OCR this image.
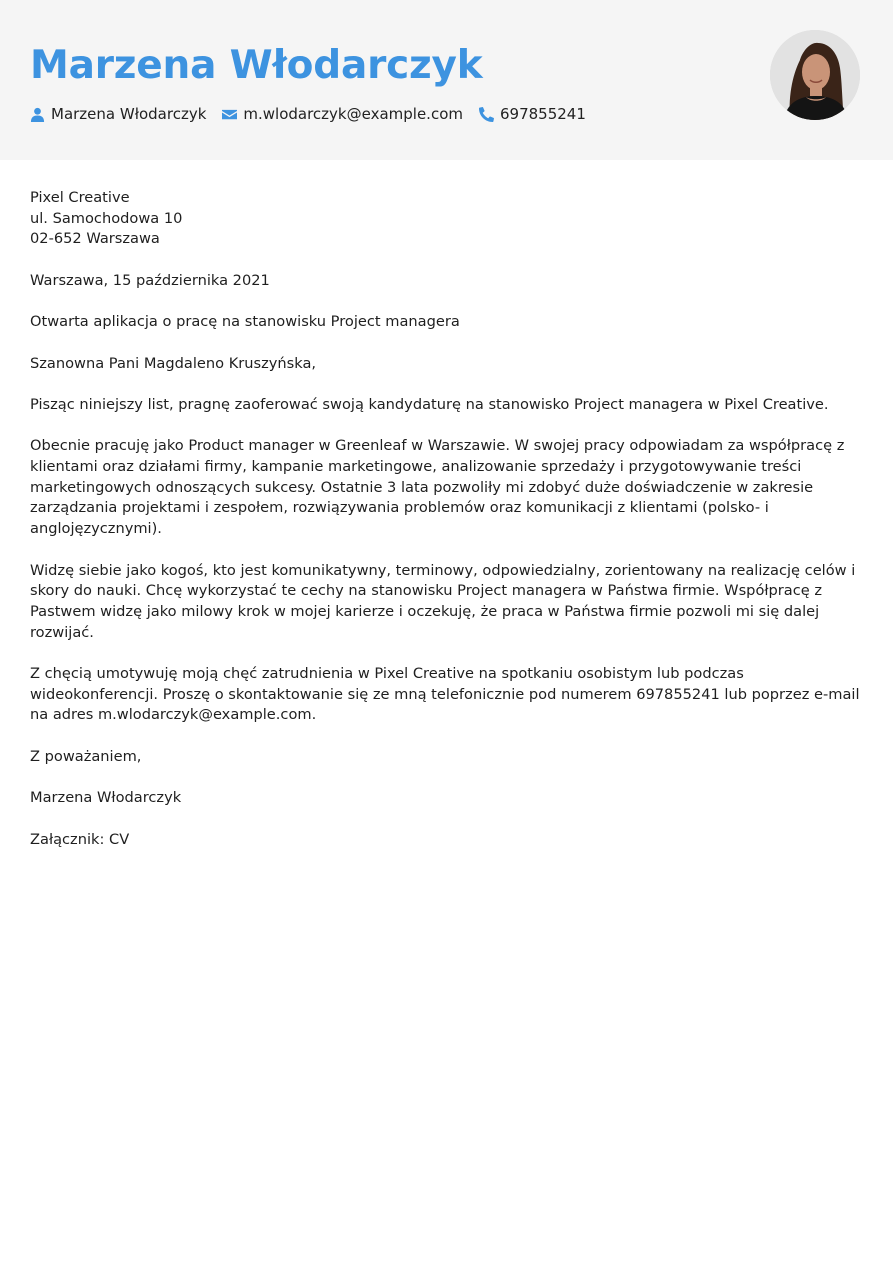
Marzena Włodarczyk
Marzena Włodarczyk m.wlodarczyk@example.com 697855241

Pixel Creative
ul. Samochodowa 10
02-652 Warszawa

Warszawa, 15 października 2021

Otwarta aplikacja o pracę na stanowisku Project managera

Szanowna Pani Magdaleno Kruszyńska,

Pisząc niniejszy list, pragnę zaoferować swoją kandydaturę na stanowisko Project managera w Pixel Creative.

Obecnie pracuję jako Product manager w Greenleaf w Warszawie. W swojej pracy odpowiadam za współpracę z klientami oraz działami firmy, kampanie marketingowe, analizowanie sprzedaży i przygotowywanie treści marketingowych odnoszących sukcesy. Ostatnie 3 lata pozwoliły mi zdobyć duże doświadczenie w zakresie zarządzania projektami i zespołem, rozwiązywania problemów oraz komunikacji z klientami (polsko- i anglojęzycznymi).

Widzę siebie jako kogoś, kto jest komunikatywny, terminowy, odpowiedzialny, zorientowany na realizację celów i skory do nauki. Chcę wykorzystać te cechy na stanowisku Project managera w Państwa firmie. Współpracę z Pastwem widzę jako milowy krok w mojej karierze i oczekuję, że praca w Państwa firmie pozwoli mi się dalej rozwijać.

Z chęcią umotywuję moją chęć zatrudnienia w Pixel Creative na spotkaniu osobistym lub podczas wideokonferencji. Proszę o skontaktowanie się ze mną telefonicznie pod numerem 697855241 lub poprzez e-mail na adres m.wlodarczyk@example.com.

Z poważaniem,

Marzena Włodarczyk

Załącznik: CV
